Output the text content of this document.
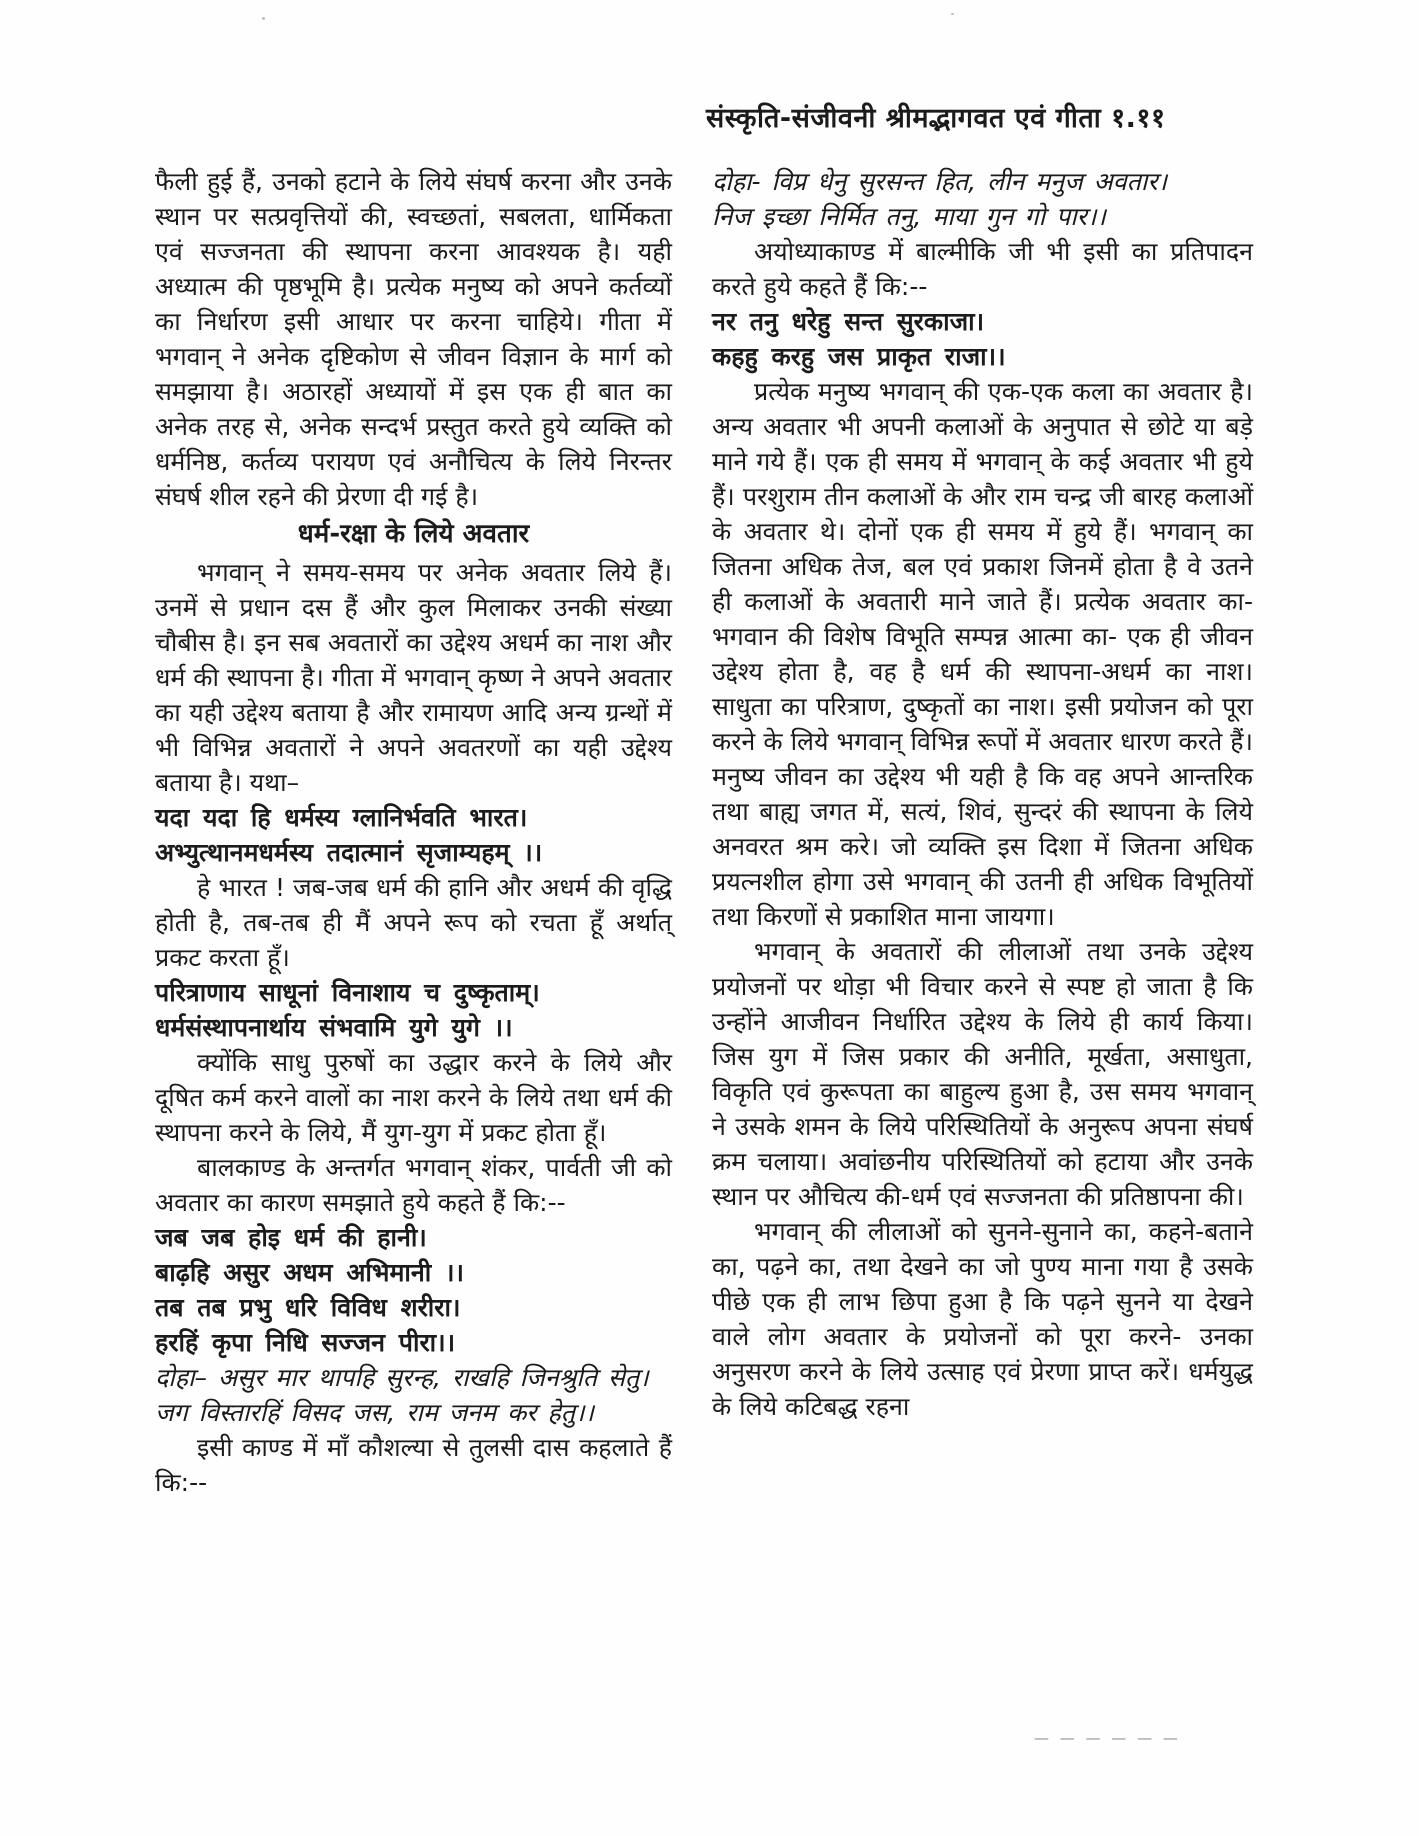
संस्कृति-संजीवनी श्रीमद्भागवत एवं गीता १.११

फैली हुई हैं, उनको हटाने के लिये संघर्ष करना और उनके स्थान पर सत्प्रवृत्तियों की, स्वच्छतां, सबलता, धार्मिकता एवं सज्जनता की स्थापना करना आवश्यक है। यही अध्यात्म की पृष्ठभूमि है। प्रत्येक मनुष्य को अपने कर्तव्यों का निर्धारण इसी आधार पर करना चाहिये। गीता में भगवान् ने अनेक दृष्टिकोण से जीवन विज्ञान के मार्ग को समझाया है। अठारहों अध्यायों में इस एक ही बात का अनेक तरह से, अनेक सन्दर्भ प्रस्तुत करते हुये व्यक्ति को धर्मनिष्ठ, कर्तव्य परायण एवं अनौचित्य के लिये निरन्तर संघर्ष शील रहने की प्रेरणा दी गई है।

धर्म-रक्षा के लिये अवतार

भगवान् ने समय-समय पर अनेक अवतार लिये हैं। उनमें से प्रधान दस हैं और कुल मिलाकर उनकी संख्या चौबीस है। इन सब अवतारों का उद्देश्य अधर्म का नाश और धर्म की स्थापना है। गीता में भगवान् कृष्ण ने अपने अवतार का यही उद्देश्य बताया है और रामायण आदि अन्य ग्रन्थों में भी विभिन्न अवतारों ने अपने अवतरणों का यही उद्देश्य बताया है। यथा–

यदा यदा हि धर्मस्य ग्लानिर्भवति भारत।
अभ्युत्थानमधर्मस्य तदात्मानं सृजाम्यहम् ।।

हे भारत ! जब-जब धर्म की हानि और अधर्म की वृद्धि होती है, तब-तब ही मैं अपने रूप को रचता हूँ अर्थात् प्रकट करता हूँ।

परित्राणाय साधूनां विनाशाय च दुष्कृताम्।
धर्मसंस्थापनार्थाय संभवामि युगे युगे ।।

क्योंकि साधु पुरुषों का उद्धार करने के लिये और दूषित कर्म करने वालों का नाश करने के लिये तथा धर्म की स्थापना करने के लिये, मैं युग-युग में प्रकट होता हूँ।

बालकाण्ड के अन्तर्गत भगवान् शंकर, पार्वती जी को अवतार का कारण समझाते हुये कहते हैं कि:--

जब जब होइ धर्म की हानी।
बाढ़हि असुर अधम अभिमानी ।।
तब तब प्रभु धरि विविध शरीरा।
हरहिं कृपा निधि सज्जन पीरा।।
दोहा– असुर मार थापहि सुरन्ह, राखहि जिनश्रुति सेतु।
जग विस्तारहिं विसद जस, राम जनम कर हेतु।।

इसी काण्ड में माँ कौशल्या से तुलसी दास कहलाते हैं कि:--

दोहा- विप्र धेनु सुरसन्त हित, लीन मनुज अवतार।
निज इच्छा निर्मित तनु, माया गुन गो पार।।

अयोध्याकाण्ड में बाल्मीकि जी भी इसी का प्रतिपादन करते हुये कहते हैं कि:--

नर तनु धरेहु सन्त सुरकाजा।
कहहु करहु जस प्राकृत राजा।।

प्रत्येक मनुष्य भगवान् की एक-एक कला का अवतार है। अन्य अवतार भी अपनी कलाओं के अनुपात से छोटे या बड़े माने गये हैं। एक ही समय में भगवान् के कई अवतार भी हुये हैं। परशुराम तीन कलाओं के और राम चन्द्र जी बारह कलाओं के अवतार थे। दोनों एक ही समय में हुये हैं। भगवान् का जितना अधिक तेज, बल एवं प्रकाश जिनमें होता है वे उतने ही कलाओं के अवतारी माने जाते हैं। प्रत्येक अवतार का-भगवान की विशेष विभूति सम्पन्न आत्मा का- एक ही जीवन उद्देश्य होता है, वह है धर्म की स्थापना-अधर्म का नाश। साधुता का परित्राण, दुष्कृतों का नाश। इसी प्रयोजन को पूरा करने के लिये भगवान् विभिन्न रूपों में अवतार धारण करते हैं। मनुष्य जीवन का उद्देश्य भी यही है कि वह अपने आन्तरिक तथा बाह्य जगत में, सत्यं, शिवं, सुन्दरं की स्थापना के लिये अनवरत श्रम करे। जो व्यक्ति इस दिशा में जितना अधिक प्रयत्नशील होगा उसे भगवान् की उतनी ही अधिक विभूतियों तथा किरणों से प्रकाशित माना जायगा।

भगवान् के अवतारों की लीलाओं तथा उनके उद्देश्य प्रयोजनों पर थोड़ा भी विचार करने से स्पष्ट हो जाता है कि उन्होंने आजीवन निर्धारित उद्देश्य के लिये ही कार्य किया। जिस युग में जिस प्रकार की अनीति, मूर्खता, असाधुता, विकृति एवं कुरूपता का बाहुल्य हुआ है, उस समय भगवान् ने उसके शमन के लिये परिस्थितियों के अनुरूप अपना संघर्ष क्रम चलाया। अवांछनीय परिस्थितियों को हटाया और उनके स्थान पर औचित्य की-धर्म एवं सज्जनता की प्रतिष्ठापना की।

भगवान् की लीलाओं को सुनने-सुनाने का, कहने-बताने का, पढ़ने का, तथा देखने का जो पुण्य माना गया है उसके पीछे एक ही लाभ छिपा हुआ है कि पढ़ने सुनने या देखने वाले लोग अवतार के प्रयोजनों को पूरा करने- उनका अनुसरण करने के लिये उत्साह एवं प्रेरणा प्राप्त करें। धर्मयुद्ध के लिये कटिबद्ध रहना

— — — — — —
